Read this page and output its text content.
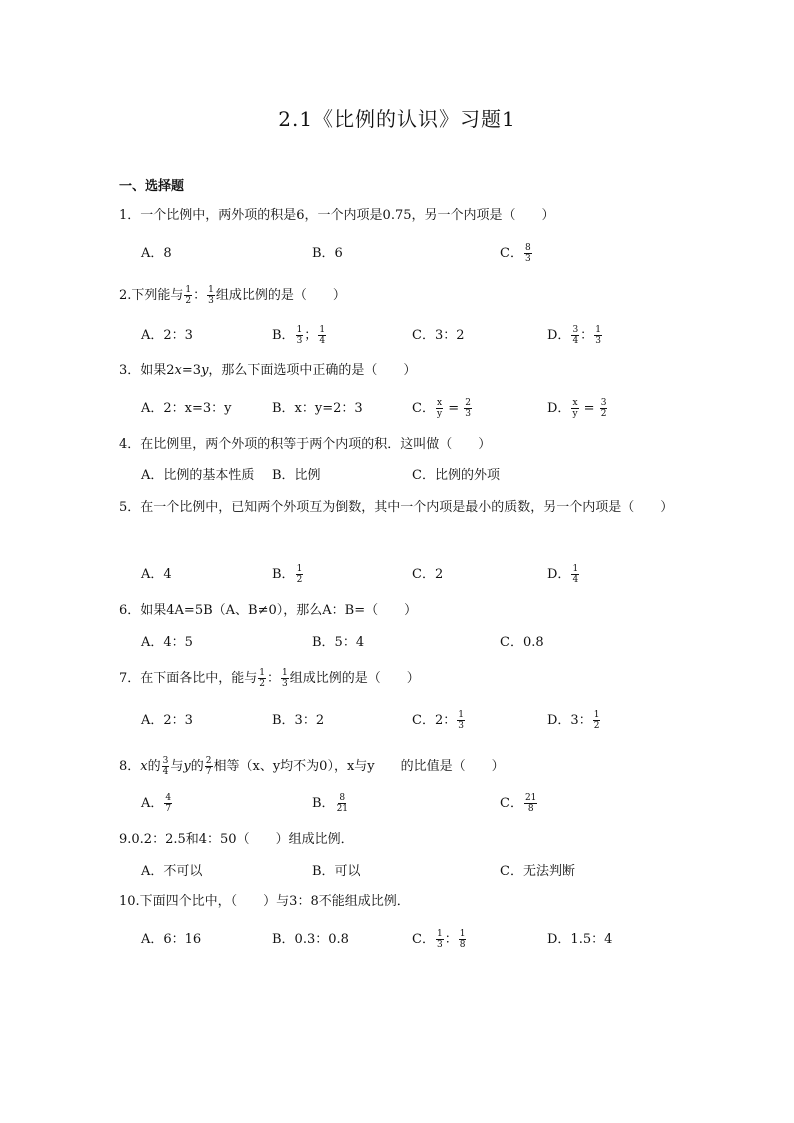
2.1《比例的认识》习题1
一、选择题
1．一个比例中，两外项的积是6，一个内项是0.75，另一个内项是（　　）
A．8	B．6	C． $\frac{8}{3}$
2.下列能与 $\frac{1}{2}$ ： $\frac{1}{3}$ 组成比例的是（　　）
A．2：3	B． $\frac{1}{3}$ ； $\frac{1}{4}$	C．3：2	D． $\frac{3}{4}$ ： $\frac{1}{3}$
3．如果2x=3y，那么下面选项中正确的是（　　）
A．2：x=3：y	B．x：y=2：3	C． $\frac{x}{y} = \frac{2}{3}$	D． $\frac{x}{y} = \frac{3}{2}$
4．在比例里，两个外项的积等于两个内项的积．这叫做（　　）
A．比例的基本性质 B．比例	C．比例的外项
5．在一个比例中，已知两个外项互为倒数，其中一个内项是最小的质数，另一个内项是（　　）
A．4	B． $\frac{1}{2}$	C．2	D． $\frac{1}{4}$
6．如果4A=5B（A、B≠0），那么A：B=（　　）
A．4：5	B．5：4	C．0.8
7．在下面各比中，能与 $\frac{1}{2}$ ： $\frac{1}{3}$ 组成比例的是（　　）
A．2：3	B．3：2	C．2： $\frac{1}{3}$	D．3： $\frac{1}{2}$
8．x的 $\frac{3}{4}$ 与y的 $\frac{2}{7}$ 相等（x、y均不为0），x与y　　的比值是（　　）
A． $\frac{4}{7}$	B． $\frac{8}{21}$	C． $\frac{21}{8}$
9.0.2：2.5和4：50（　　）组成比例．
A．不可以	B．可以	C．无法判断
10.下面四个比中，（　　）与3：8不能组成比例．
A．6：16	B．0.3：0.8	C． $\frac{1}{3}$ ： $\frac{1}{8}$	D．1.5：4
